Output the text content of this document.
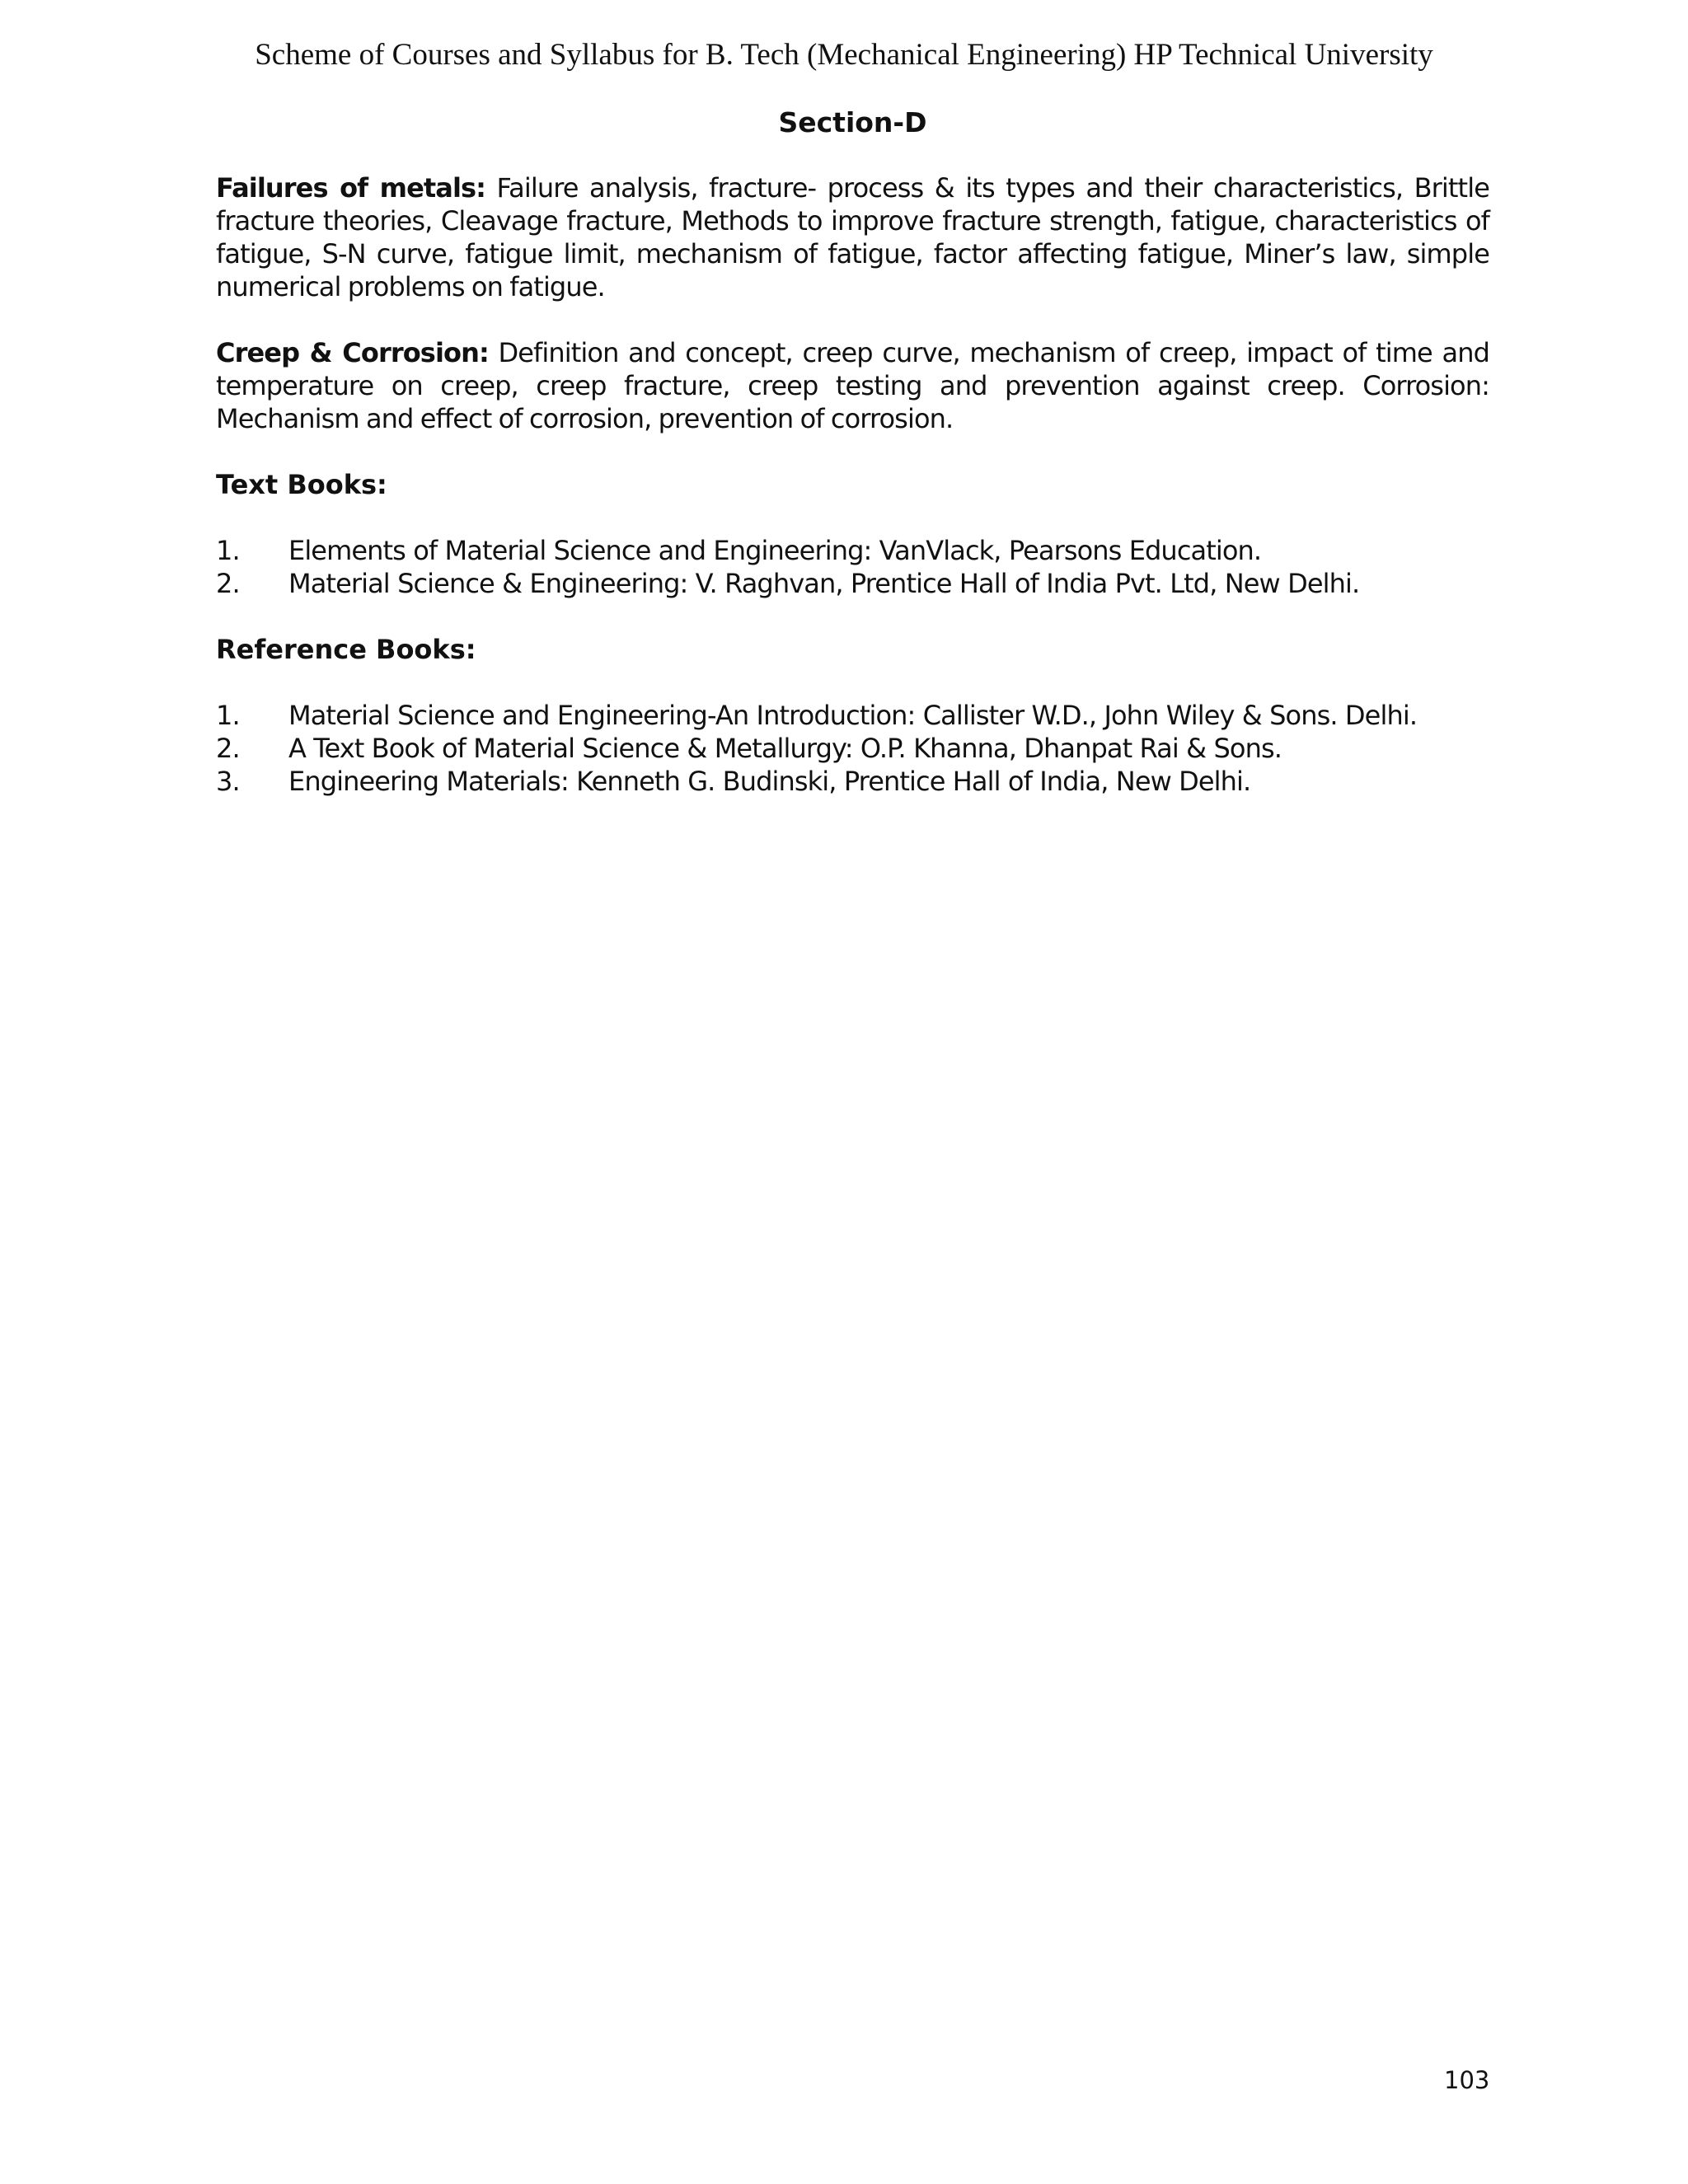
Scheme of Courses and Syllabus for B. Tech (Mechanical Engineering) HP Technical University
Section-D

Failures of metals: Failure analysis, fracture- process & its types and their characteristics, Brittle fracture theories, Cleavage fracture, Methods to improve fracture strength, fatigue, characteristics of fatigue, S-N curve, fatigue limit, mechanism of fatigue, factor affecting fatigue, Miner’s law, simple numerical problems on fatigue.

Creep & Corrosion: Definition and concept, creep curve, mechanism of creep, impact of time and temperature on creep, creep fracture, creep testing and prevention against creep. Corrosion: Mechanism and effect of corrosion, prevention of corrosion.

Text Books:
1. Elements of Material Science and Engineering: VanVlack, Pearsons Education.
2. Material Science & Engineering: V. Raghvan, Prentice Hall of India Pvt. Ltd, New Delhi.
Reference Books:
1. Material Science and Engineering-An Introduction: Callister W.D., John Wiley & Sons. Delhi.
2. A Text Book of Material Science & Metallurgy: O.P. Khanna, Dhanpat Rai & Sons.
3. Engineering Materials: Kenneth G. Budinski, Prentice Hall of India, New Delhi.
103
